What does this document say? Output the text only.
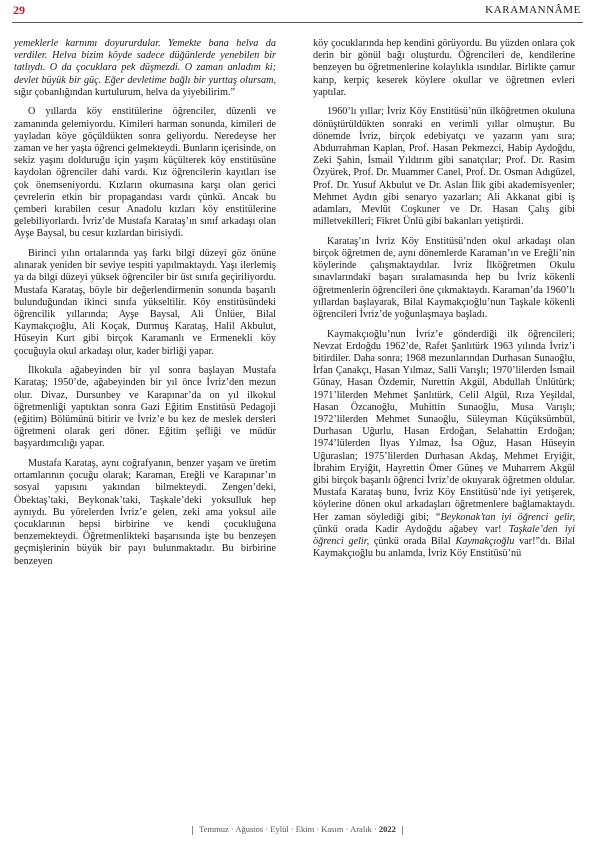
29	KARAMANNÂME

yemeklerle karnımı doyururdular. Yemekte bana helva da verdiler. Helva bizim köyde sadece düğünlerde yenebilen bir tatlıydı. O da çocuklara pek düşmezdi. O zaman anladım ki; devlet büyük bir güç. Eğer devletime bağlı bir yurttaş olursam, sığır çobanlığından kurtulurum, helva da yiyebilirim.”

O yıllarda köy enstitülerine öğrenciler, düzenli ve zamanında gelemiyordu. Kimileri harman sonunda, kimileri de yayladan köye göçüldükten sonra geliyordu. Neredeyse her zaman ve her yaşta öğrenci gelmekteydi. Bunların içerisinde, on sekiz yaşını dolduruğu için yaşını küçülterek köy enstitüsüne kaydolan öğrenciler dahi vardı. Kız öğrencilerin kayıtları ise çok önemseniyordu. Kızların okumasına karşı olan gerici çevrelerin etkin bir propagandası vardı çünkü. Ancak bu çemberi kırabilen cesur Anadolu kızları köy enstitülerine gelebiliyorlardı. İvriz’de Mustafa Karataş’ın sınıf arkadaşı olan Ayşe Baysal, bu cesur kızlardan birisiydi.

Birinci yılın ortalarında yaş farkı bilgi düzeyi göz önüne alınarak yeniden bir seviye tespiti yapılmaktaydı. Yaşı ilerlemiş ya da bilgi düzeyi yüksek öğrenciler bir üst sınıfa geçiriliyordu. Mustafa Karataş, böyle bir değerlendirmenin sonunda başarılı bulunduğundan ikinci sınıfa yükseltilir. Köy enstitüsündeki öğrencilik yıllarında; Ayşe Baysal, Ali Ünlüer, Bilal Kaymakçıoğlu, Ali Koçak, Durmuş Karataş, Halil Akbulut, Hüseyin Kurt gibi birçok Karamanlı ve Ermenekli köy çocuğuyla okul arkadaşı olur, kader birliği yapar.

İlkokula ağabeyinden bir yıl sonra başlayan Mustafa Karataş; 1950’de, ağabeyinden bir yıl önce İvriz’den mezun olur. Divaz, Dursunbey ve Karapınar’da on yıl ilkokul öğretmenliği yaptıktan sonra Gazi Eğitim Enstitüsü Pedagoji (eğitim) Bölümünü bitirir ve İvriz’e bu kez de meslek dersleri öğretmeni olarak geri döner. Eğitim şefliği ve müdür başyardımcılığı yapar.

Mustafa Karataş, aynı coğrafyanın, benzer yaşam ve üretim ortamlarının çocuğu olarak; Karaman, Ereğli ve Karapınar’ın sosyal yapısını yakından bilmekteydi. Zengen’deki, Öbektaş’taki, Beykonak’taki, Taşkale’deki yoksulluk hep aynıydı. Bu yörelerden İvriz’e gelen, zeki ama yoksul aile çocuklarının hepsi birbirine ve kendi çocukluğuna benzemekteydi. Öğretmenlikteki başarısında işte bu benzeşen geçmişlerinin büyük bir payı bulunmaktadır. Bu birbirine benzeyen

köy çocuklarında hep kendini görüyordu. Bu yüzden onlara çok derin bir gönül bağı oluşturdu. Öğrencileri de, kendilerine benzeyen bu öğretmenlerine kolaylıkla ısındılar. Birlikte çamur karıp, kerpiç keserek köylere okullar ve öğretmen evleri yaptılar.

1960’lı yıllar; İvriz Köy Enstitüsü’nün ilköğretmen okuluna dönüştürüldükten sonraki en verimli yıllar olmuştur. Bu dönemde İvriz, birçok edebiyatçı ve yazarın yanı sıra; Abdurrahman Kaplan, Prof. Hasan Pekmezci, Habip Aydoğdu, Zeki Şahin, İsmail Yıldırım gibi sanatçılar; Prof. Dr. Rasim Özyürek, Prof. Dr. Muammer Canel, Prof. Dr. Osman Adıgüzel, Prof. Dr. Yusuf Akbulut ve Dr. Aslan İlik gibi akademisyenler; Mehmet Aydın gibi senaryo yazarları; Ali Akkanat gibi iş adamları, Mevlüt Coşkuner ve Dr. Hasan Çalış gibi milletvekilleri; Fikret Ünlü gibi bakanları yetiştirdi.

Karataş’ın İvriz Köy Enstitüsü’nden okul arkadaşı olan birçok öğretmen de, aynı dönemlerde Karaman’ın ve Ereğli’nin köylerinde çalışmaktaydılar. İvriz İlköğretmen Okulu sınavlarındaki başarı sıralamasında hep bu İvriz kökenli öğretmenlerin öğrencileri öne çıkmaktaydı. Karaman’da 1960’lı yıllardan başlayarak, Bilal Kaymakçıoğlu’nun Taşkale kökenli öğrencileri İvriz’de yoğunlaşmaya başladı.

Kaymakçıoğlu’nun İvriz’e gönderdiği ilk öğrencileri; Nevzat Erdoğdu 1962’de, Rafet Şanlıtürk 1963 yılında İvriz’i bitirdiler. Daha sonra; 1968 mezunlarından Durhasan Sunaoğlu, İrfan Çanakçı, Hasan Yılmaz, Salli Varışlı; 1970’lilerden İsmail Günay, Hasan Özdemir, Nurettin Akgül, Abdullah Ünlütürk; 1971’lilerden Mehmet Şanlıtürk, Celil Algül, Rıza Yeşildal, Hasan Özcanoğlu, Muhittin Sunaoğlu, Musa Varışlı; 1972’lilerden Mehmet Sunaoğlu, Süleyman Küçüksümbül, Durhasan Uğurlu, Hasan Erdoğan, Selahattin Erdoğan; 1974’lülerden İlyas Yılmaz, İsa Oğuz, Hasan Hüseyin Uğuraslan; 1975’lilerden Durhasan Akdaş, Mehmet Eryiğit, İbrahim Eryiğit, Hayrettin Ömer Güneş ve Muharrem Akgül gibi birçok başarılı öğrenci İvriz’de okuyarak öğretmen oldular. Mustafa Karataş bunu, İvriz Köy Enstitüsü’nde iyi yetişerek, köylerine dönen okul arkadaşları öğretmenlere bağlamaktaydı. Her zaman söylediği gibi; “Beykonak’tan iyi öğrenci gelir, çünkü orada Kadir Aydoğdu ağabey var! Taşkale’den iyi öğrenci gelir, çünkü orada Bilal Kaymakçıoğlu var!”dı. Bilal Kaymakçıoğlu bu anlamda, İvriz Köy Enstitüsü’nü

Temmuz · Ağustos · Eylül · Ekim · Kasım · Aralık · 2022
